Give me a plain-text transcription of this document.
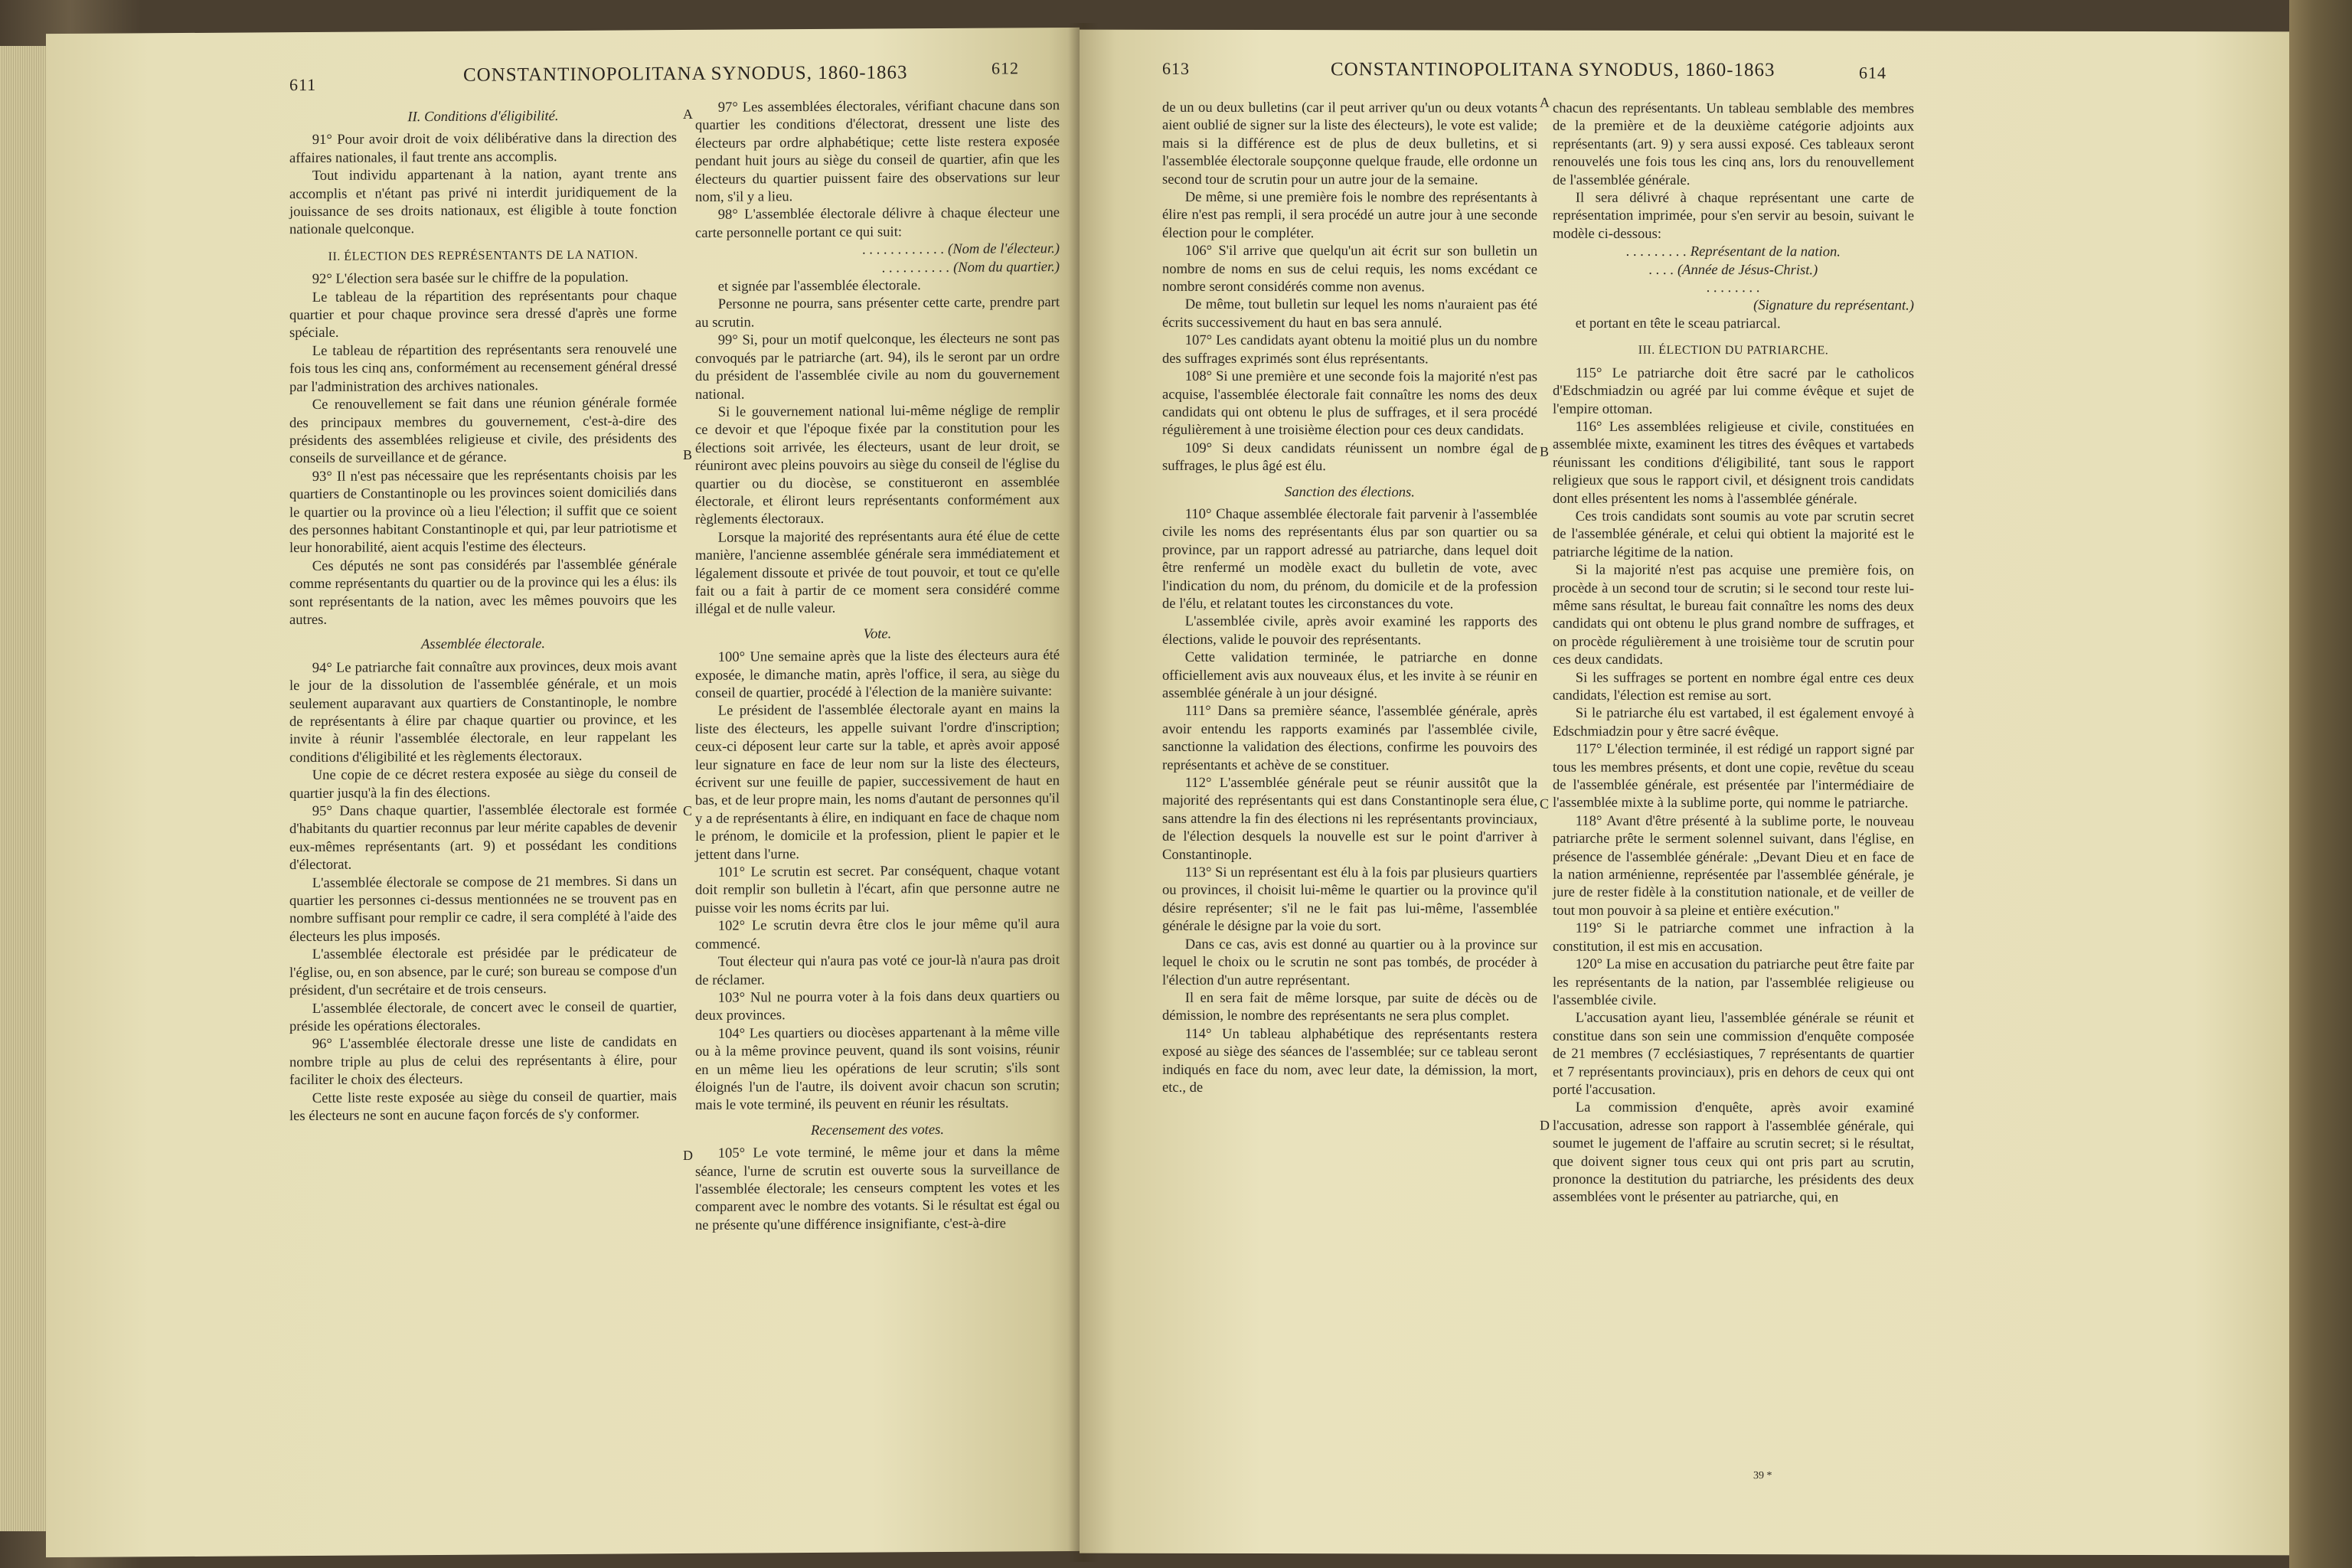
611	CONSTANTINOPOLITANA SYNODUS, 1860-1863	612

II. Conditions d'éligibilité.

91° Pour avoir droit de voix délibérative dans la direction des affaires nationales, il faut trente ans accomplis.

Tout individu appartenant à la nation, ayant trente ans accomplis et n'étant pas privé ni interdit juridiquement de la jouissance de ses droits nationaux, est éligible à toute fonction nationale quelconque.

II. ÉLECTION DES REPRÉSENTANTS DE LA NATION.

92° L'élection sera basée sur le chiffre de la population.

Le tableau de la répartition des représentants pour chaque quartier et pour chaque province sera dressé d'après une forme spéciale.

Le tableau de répartition des représentants sera renouvelé une fois tous les cinq ans, conformément au recensement général dressé par l'administration des archives nationales.

Ce renouvellement se fait dans une réunion générale formée des principaux membres du gouvernement, c'est-à-dire des présidents des assemblées religieuse et civile, des présidents des conseils de surveillance et de gérance.

93° Il n'est pas nécessaire que les représentants choisis par les quartiers de Constantinople ou les provinces soient domiciliés dans le quartier ou la province où a lieu l'élection; il suffit que ce soient des personnes habitant Constantinople et qui, par leur patriotisme et leur honorabilité, aient acquis l'estime des électeurs.

Ces députés ne sont pas considérés par l'assemblée générale comme représentants du quartier ou de la province qui les a élus: ils sont représentants de la nation, avec les mêmes pouvoirs que les autres.

Assemblée électorale.

94° Le patriarche fait connaître aux provinces, deux mois avant le jour de la dissolution de l'assemblée générale, et un mois seulement auparavant aux quartiers de Constantinople, le nombre de représentants à élire par chaque quartier ou province, et les invite à réunir l'assemblée électorale, en leur rappelant les conditions d'éligibilité et les règlements électoraux.

Une copie de ce décret restera exposée au siège du conseil de quartier jusqu'à la fin des élections.

95° Dans chaque quartier, l'assemblée électorale est formée d'habitants du quartier reconnus par leur mérite capables de devenir eux-mêmes représentants (art. 9) et possédant les conditions d'électorat.

L'assemblée électorale se compose de 21 membres. Si dans un quartier les personnes ci-dessus mentionnées ne se trouvent pas en nombre suffisant pour remplir ce cadre, il sera complété à l'aide des électeurs les plus imposés.

L'assemblée électorale est présidée par le prédicateur de l'église, ou, en son absence, par le curé; son bureau se compose d'un président, d'un secrétaire et de trois censeurs.

L'assemblée électorale, de concert avec le conseil de quartier, préside les opérations électorales.

96° L'assemblée électorale dresse une liste de candidats en nombre triple au plus de celui des représentants à élire, pour faciliter le choix des électeurs.

Cette liste reste exposée au siège du conseil de quartier, mais les électeurs ne sont en aucune façon forcés de s'y conformer.

97° Les assemblées électorales, vérifiant chacune dans son quartier les conditions d'électorat, dressent une liste des électeurs par ordre alphabétique; cette liste restera exposée pendant huit jours au siège du conseil de quartier, afin que les électeurs du quartier puissent faire des observations sur leur nom, s'il y a lieu.

98° L'assemblée électorale délivre à chaque électeur une carte personnelle portant ce qui suit:

. . . . . . . . . . . . (Nom de l'électeur.)

. . . . . . . . . . (Nom du quartier.)

et signée par l'assemblée électorale.

Personne ne pourra, sans présenter cette carte, prendre part au scrutin.

99° Si, pour un motif quelconque, les électeurs ne sont pas convoqués par le patriarche (art. 94), ils le seront par un ordre du président de l'assemblée civile au nom du gouvernement national.

Si le gouvernement national lui-même néglige de remplir ce devoir et que l'époque fixée par la constitution pour les élections soit arrivée, les électeurs, usant de leur droit, se réuniront avec pleins pouvoirs au siège du conseil de l'église du quartier ou du diocèse, se constitueront en assemblée électorale, et éliront leurs représentants conformément aux règlements électoraux.

Lorsque la majorité des représentants aura été élue de cette manière, l'ancienne assemblée générale sera immédiatement et légalement dissoute et privée de tout pouvoir, et tout ce qu'elle fait ou a fait à partir de ce moment sera considéré comme illégal et de nulle valeur.

Vote.

100° Une semaine après que la liste des électeurs aura été exposée, le dimanche matin, après l'office, il sera, au siège du conseil de quartier, procédé à l'élection de la manière suivante:

Le président de l'assemblée électorale ayant en mains la liste des électeurs, les appelle suivant l'ordre d'inscription; ceux-ci déposent leur carte sur la table, et après avoir apposé leur signature en face de leur nom sur la liste des électeurs, écrivent sur une feuille de papier, successivement de haut en bas, et de leur propre main, les noms d'autant de personnes qu'il y a de représentants à élire, en indiquant en face de chaque nom le prénom, le domicile et la profession, plient le papier et le jettent dans l'urne.

101° Le scrutin est secret. Par conséquent, chaque votant doit remplir son bulletin à l'écart, afin que personne autre ne puisse voir les noms écrits par lui.

102° Le scrutin devra être clos le jour même qu'il aura commencé.

Tout électeur qui n'aura pas voté ce jour-là n'aura pas droit de réclamer.

103° Nul ne pourra voter à la fois dans deux quartiers ou deux provinces.

104° Les quartiers ou diocèses appartenant à la même ville ou à la même province peuvent, quand ils sont voisins, réunir en un même lieu les opérations de leur scrutin; s'ils sont éloignés l'un de l'autre, ils doivent avoir chacun son scrutin; mais le vote terminé, ils peuvent en réunir les résultats.

Recensement des votes.

105° Le vote terminé, le même jour et dans la même séance, l'urne de scrutin est ouverte sous la surveillance de l'assemblée électorale; les censeurs comptent les votes et les comparent avec le nombre des votants. Si le résultat est égal ou ne présente qu'une différence insignifiante, c'est-à-dire

A
B
C
D
613	CONSTANTINOPOLITANA SYNODUS, 1860-1863	614

de un ou deux bulletins (car il peut arriver qu'un ou deux votants aient oublié de signer sur la liste des électeurs), le vote est valide; mais si la différence est de plus de deux bulletins, et si l'assemblée électorale soupçonne quelque fraude, elle ordonne un second tour de scrutin pour un autre jour de la semaine.

De même, si une première fois le nombre des représentants à élire n'est pas rempli, il sera procédé un autre jour à une seconde élection pour le compléter.

106° S'il arrive que quelqu'un ait écrit sur son bulletin un nombre de noms en sus de celui requis, les noms excédant ce nombre seront considérés comme non avenus.

De même, tout bulletin sur lequel les noms n'auraient pas été écrits successivement du haut en bas sera annulé.

107° Les candidats ayant obtenu la moitié plus un du nombre des suffrages exprimés sont élus représentants.

108° Si une première et une seconde fois la majorité n'est pas acquise, l'assemblée électorale fait connaître les noms des deux candidats qui ont obtenu le plus de suffrages, et il sera procédé régulièrement à une troisième élection pour ces deux candidats.

109° Si deux candidats réunissent un nombre égal de suffrages, le plus âgé est élu.

Sanction des élections.

110° Chaque assemblée électorale fait parvenir à l'assemblée civile les noms des représentants élus par son quartier ou sa province, par un rapport adressé au patriarche, dans lequel doit être renfermé un modèle exact du bulletin de vote, avec l'indication du nom, du prénom, du domicile et de la profession de l'élu, et relatant toutes les circonstances du vote.

L'assemblée civile, après avoir examiné les rapports des élections, valide le pouvoir des représentants.

Cette validation terminée, le patriarche en donne officiellement avis aux nouveaux élus, et les invite à se réunir en assemblée générale à un jour désigné.

111° Dans sa première séance, l'assemblée générale, après avoir entendu les rapports examinés par l'assemblée civile, sanctionne la validation des élections, confirme les pouvoirs des représentants et achève de se constituer.

112° L'assemblée générale peut se réunir aussitôt que la majorité des représentants qui est dans Constantinople sera élue, sans attendre la fin des élections ni les représentants provinciaux, de l'élection desquels la nouvelle est sur le point d'arriver à Constantinople.

113° Si un représentant est élu à la fois par plusieurs quartiers ou provinces, il choisit lui-même le quartier ou la province qu'il désire représenter; s'il ne le fait pas lui-même, l'assemblée générale le désigne par la voie du sort.

Dans ce cas, avis est donné au quartier ou à la province sur lequel le choix ou le scrutin ne sont pas tombés, de procéder à l'élection d'un autre représentant.

Il en sera fait de même lorsque, par suite de décès ou de démission, le nombre des représentants ne sera plus complet.

114° Un tableau alphabétique des représentants restera exposé au siège des séances de l'assemblée; sur ce tableau seront indiqués en face du nom, avec leur date, la démission, la mort, etc., de

chacun des représentants. Un tableau semblable des membres de la première et de la deuxième catégorie adjoints aux représentants (art. 9) y sera aussi exposé. Ces tableaux seront renouvelés une fois tous les cinq ans, lors du renouvellement de l'assemblée générale.

Il sera délivré à chaque représentant une carte de représentation imprimée, pour s'en servir au besoin, suivant le modèle ci-dessous:

. . . . . . . . . Représentant de la nation.

. . . . (Année de Jésus-Christ.)

. . . . . . . .

(Signature du représentant.)

et portant en tête le sceau patriarcal.

III. ÉLECTION DU PATRIARCHE.

115° Le patriarche doit être sacré par le catholicos d'Edschmiadzin ou agréé par lui comme évêque et sujet de l'empire ottoman.

116° Les assemblées religieuse et civile, constituées en assemblée mixte, examinent les titres des évêques et vartabeds réunissant les conditions d'éligibilité, tant sous le rapport religieux que sous le rapport civil, et désignent trois candidats dont elles présentent les noms à l'assemblée générale.

Ces trois candidats sont soumis au vote par scrutin secret de l'assemblée générale, et celui qui obtient la majorité est le patriarche légitime de la nation.

Si la majorité n'est pas acquise une première fois, on procède à un second tour de scrutin; si le second tour reste lui-même sans résultat, le bureau fait connaître les noms des deux candidats qui ont obtenu le plus grand nombre de suffrages, et on procède régulièrement à une troisième tour de scrutin pour ces deux candidats.

Si les suffrages se portent en nombre égal entre ces deux candidats, l'élection est remise au sort.

Si le patriarche élu est vartabed, il est également envoyé à Edschmiadzin pour y être sacré évêque.

117° L'élection terminée, il est rédigé un rapport signé par tous les membres présents, et dont une copie, revêtue du sceau de l'assemblée générale, est présentée par l'intermédiaire de l'assemblée mixte à la sublime porte, qui nomme le patriarche.

118° Avant d'être présenté à la sublime porte, le nouveau patriarche prête le serment solennel suivant, dans l'église, en présence de l'assemblée générale: „Devant Dieu et en face de la nation arménienne, représentée par l'assemblée générale, je jure de rester fidèle à la constitution nationale, et de veiller de tout mon pouvoir à sa pleine et entière exécution."

119° Si le patriarche commet une infraction à la constitution, il est mis en accusation.

120° La mise en accusation du patriarche peut être faite par les représentants de la nation, par l'assemblée religieuse ou l'assemblée civile.

L'accusation ayant lieu, l'assemblée générale se réunit et constitue dans son sein une commission d'enquête composée de 21 membres (7 ecclésiastiques, 7 représentants de quartier et 7 représentants provinciaux), pris en dehors de ceux qui ont porté l'accusation.

La commission d'enquête, après avoir examiné l'accusation, adresse son rapport à l'assemblée générale, qui soumet le jugement de l'affaire au scrutin secret; si le résultat, que doivent signer tous ceux qui ont pris part au scrutin, prononce la destitution du patriarche, les présidents des deux assemblées vont le présenter au patriarche, qui, en

A
B
C
D
39 *
